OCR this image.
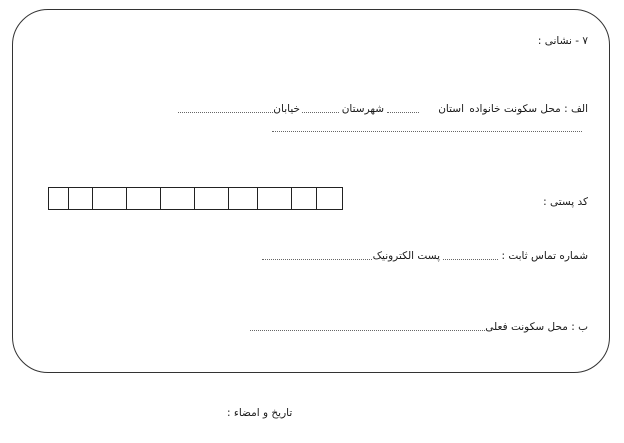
۷ - نشانی :
الف : محل سکونت خانواده
استان
شهرستان
خیابان
کد پستی :
شماره تماس ثابت :
پست الکترونیک
ب : محل سکونت فعلی
تاریخ و امضاء :
